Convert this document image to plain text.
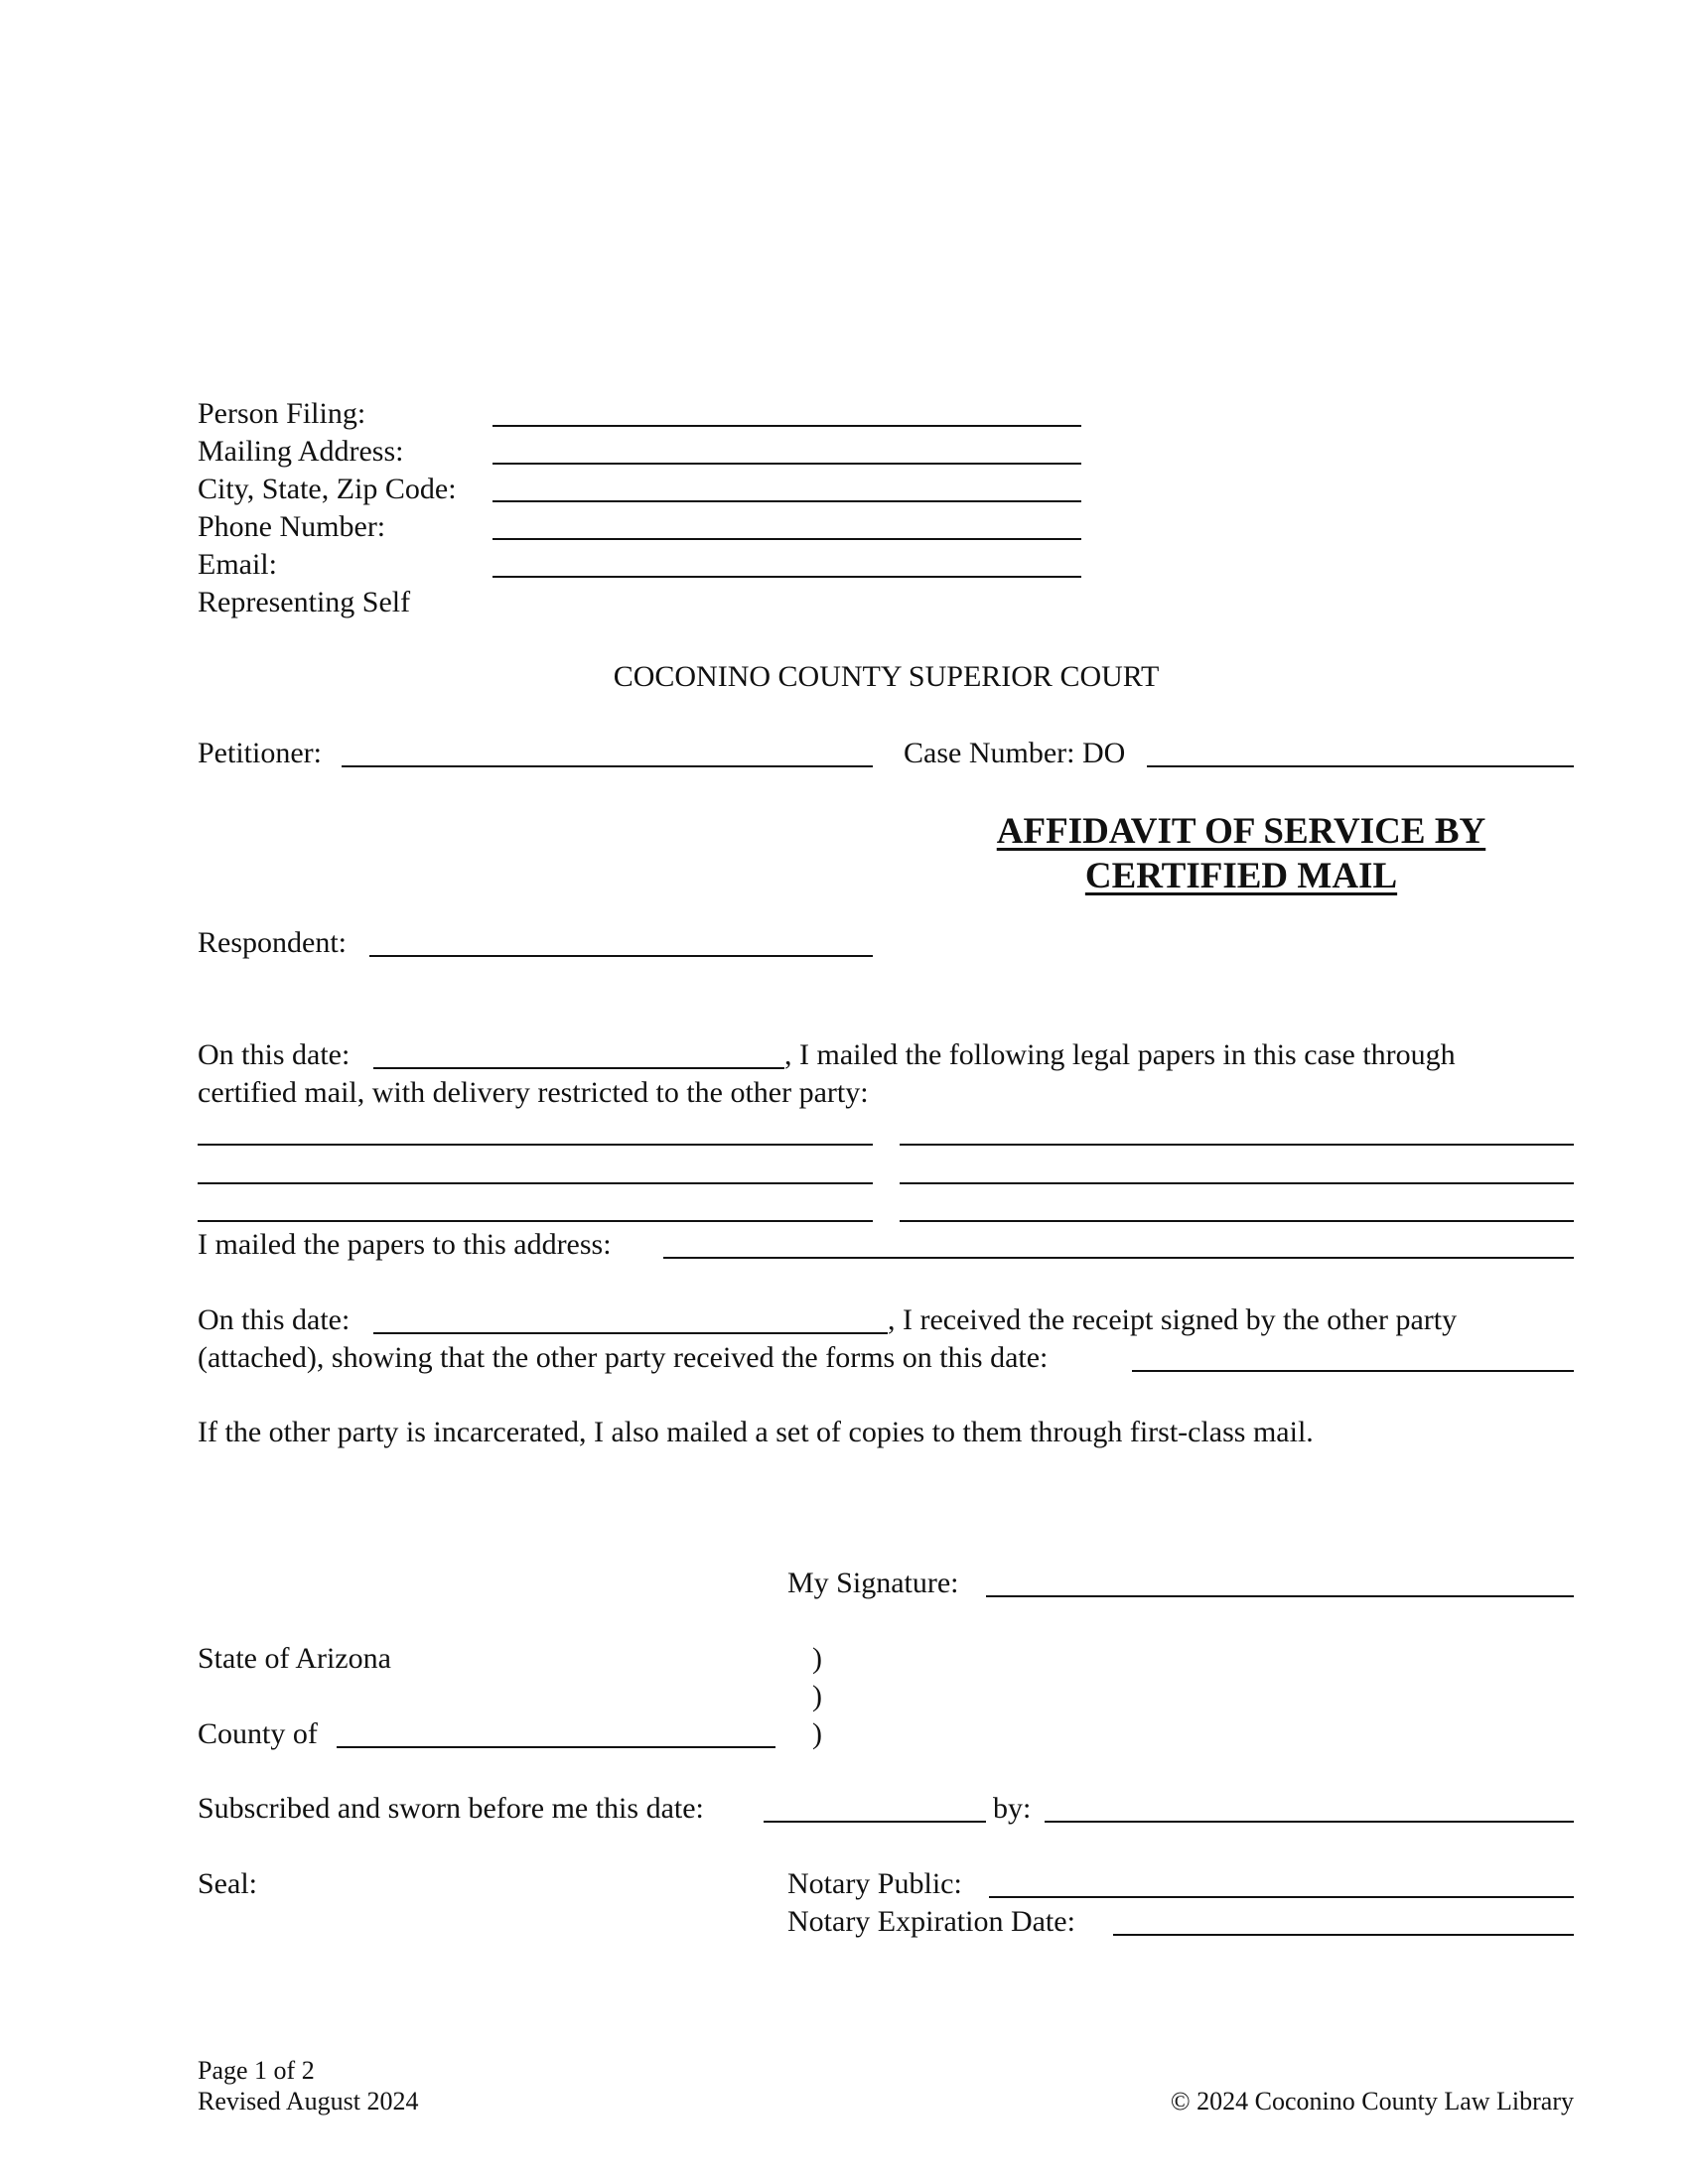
Person Filing:
Mailing Address:
City, State, Zip Code:
Phone Number:
Email:
Representing Self
COCONINO COUNTY SUPERIOR COURT
Petitioner:	Case Number: DO
AFFIDAVIT OF SERVICE BY
CERTIFIED MAIL
Respondent:
On this date:	, I mailed the following legal papers in this case through
certified mail, with delivery restricted to the other party:
I mailed the papers to this address:
On this date:	, I received the receipt signed by the other party
(attached), showing that the other party received the forms on this date:
If the other party is incarcerated, I also mailed a set of copies to them through first-class mail.
My Signature:
State of Arizona	)
)
County of	)
Subscribed and sworn before me this date:	by:
Seal:	Notary Public:
Notary Expiration Date:
Page 1 of 2
Revised August 2024	© 2024 Coconino County Law Library
